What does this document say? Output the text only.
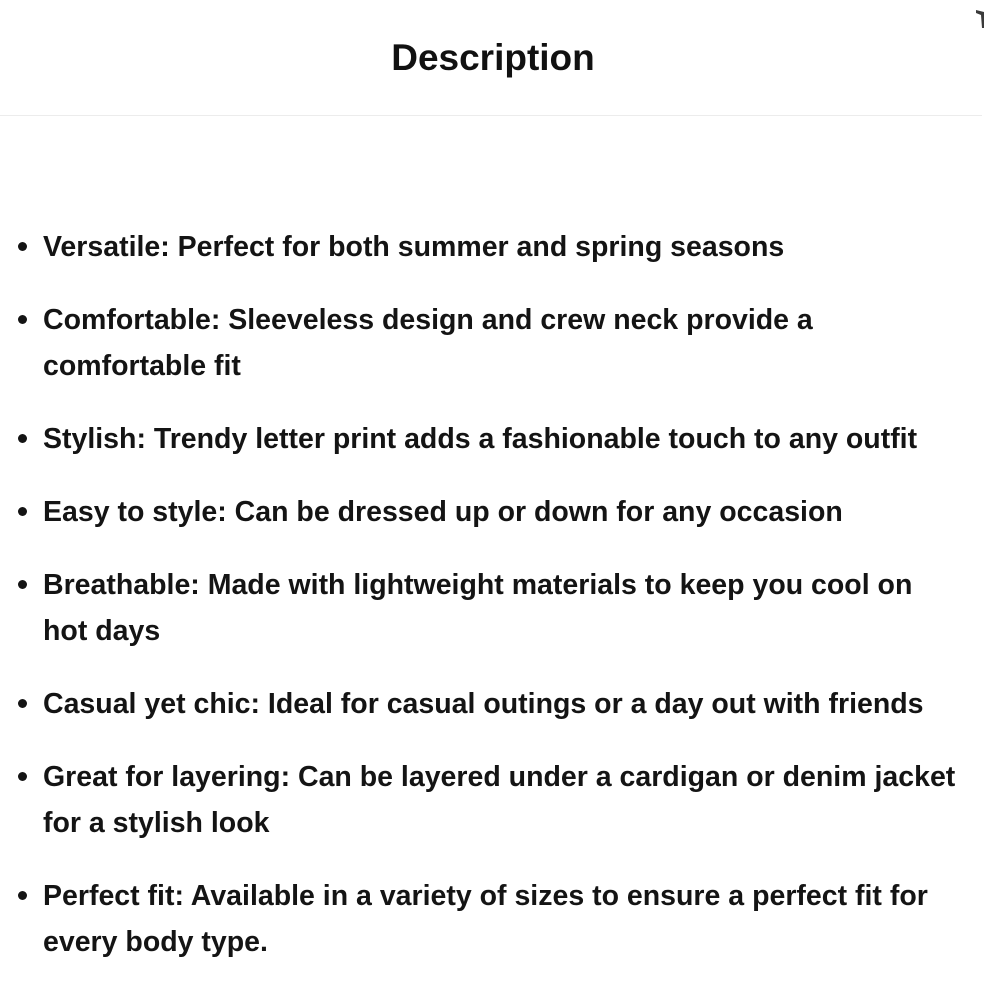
Description
Versatile: Perfect for both summer and spring seasons
Comfortable: Sleeveless design and crew neck provide a comfortable fit
Stylish: Trendy letter print adds a fashionable touch to any outfit
Easy to style: Can be dressed up or down for any occasion
Breathable: Made with lightweight materials to keep you cool on hot days
Casual yet chic: Ideal for casual outings or a day out with friends
Great for layering: Can be layered under a cardigan or denim jacket for a stylish look
Perfect fit: Available in a variety of sizes to ensure a perfect fit for every body type.
